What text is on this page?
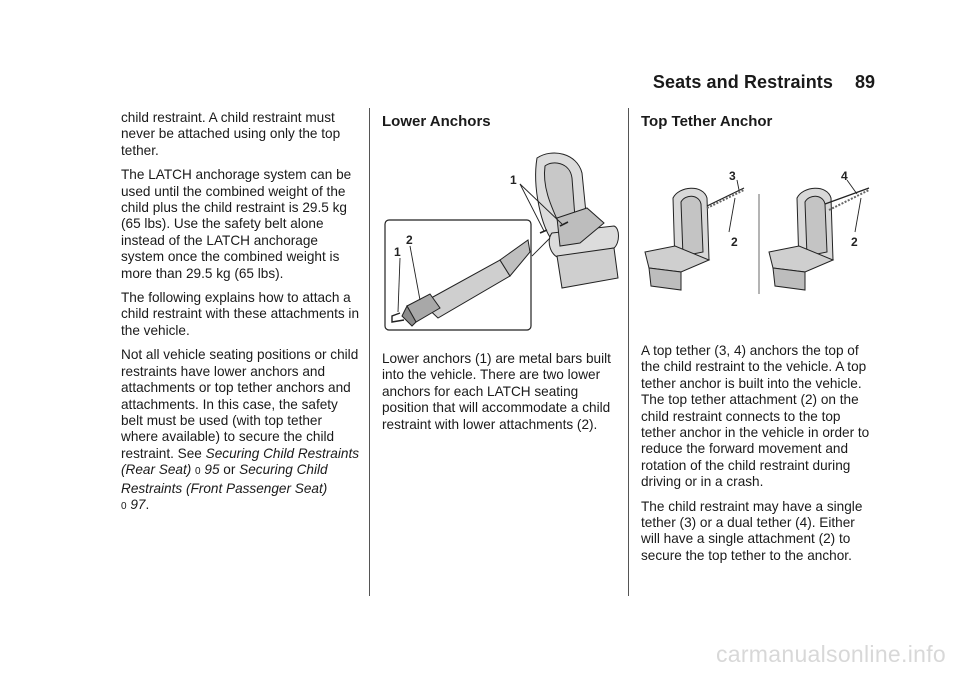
Seats and Restraints 89

child restraint. A child restraint must never be attached using only the top tether.

The LATCH anchorage system can be used until the combined weight of the child plus the child restraint is 29.5 kg (65 lbs). Use the safety belt alone instead of the LATCH anchorage system once the combined weight is more than 29.5 kg (65 lbs).

The following explains how to attach a child restraint with these attachments in the vehicle.

Not all vehicle seating positions or child restraints have lower anchors and attachments or top tether anchors and attachments. In this case, the safety belt must be used (with top tether where available) to secure the child restraint. See Securing Child Restraints (Rear Seat) 0 95 or Securing Child Restraints (Front Passenger Seat)
0 97.

Lower Anchors

Lower anchors (1) are metal bars built into the vehicle. There are two lower anchors for each LATCH seating position that will accommodate a child restraint with lower attachments (2).

1
2
1
Top Tether Anchor

A top tether (3, 4) anchors the top of the child restraint to the vehicle. A top tether anchor is built into the vehicle. The top tether attachment (2) on the child restraint connects to the top tether anchor in the vehicle in order to reduce the forward movement and rotation of the child restraint during driving or in a crash.

The child restraint may have a single tether (3) or a dual tether (4). Either will have a single attachment (2) to secure the top tether to the anchor.

3
2
4
2
carmanualsonline.info
